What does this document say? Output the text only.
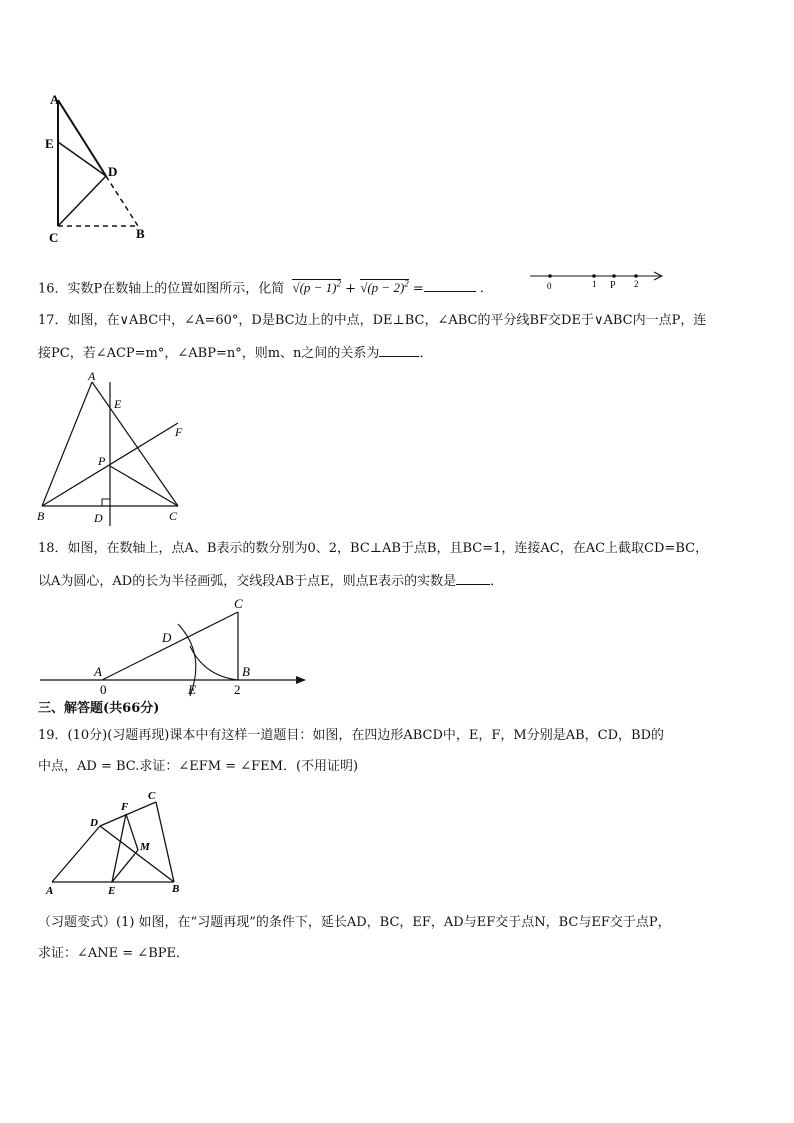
A
E
D
C	B
16．实数P在数轴上的位置如图所示，化简 $√(p - 1)^2 + √(p - 2)^2$ =	．	0	1 P 2
17．如图，在∨ABC中，∠A=60°，D是BC边上的中点，DE⊥BC，∠ABC的平分线BF交DE于∨ABC内一点P，连
接PC，若∠ACP=m°，∠ABP=n°，则m、n之间的关系为	．
A
E
F
P
B	D	C
18．如图，在数轴上，点A、B表示的数分别为0、2，BC⊥AB于点B，且BC=1，连接AC，在AC上截取CD=BC，
以A为圆心，AD的长为半径画弧，交线段AB于点E，则点E表示的实数是	．
C
D
A	B
0	E	2
三、解答题(共66分)
19．(10分)(习题再现)课本中有这样一道题目：如图，在四边形ABCD中，E，F，M分别是AB，CD，BD的
中点，AD = BC.求证：∠EFM = ∠FEM．(不用证明)
F
C
D
M
A	E	B
（习题变式）(1) 如图，在“习题再现”的条件下，延长AD，BC，EF，AD与EF交于点N，BC与EF交于点P，
求证：∠ANE = ∠BPE．
